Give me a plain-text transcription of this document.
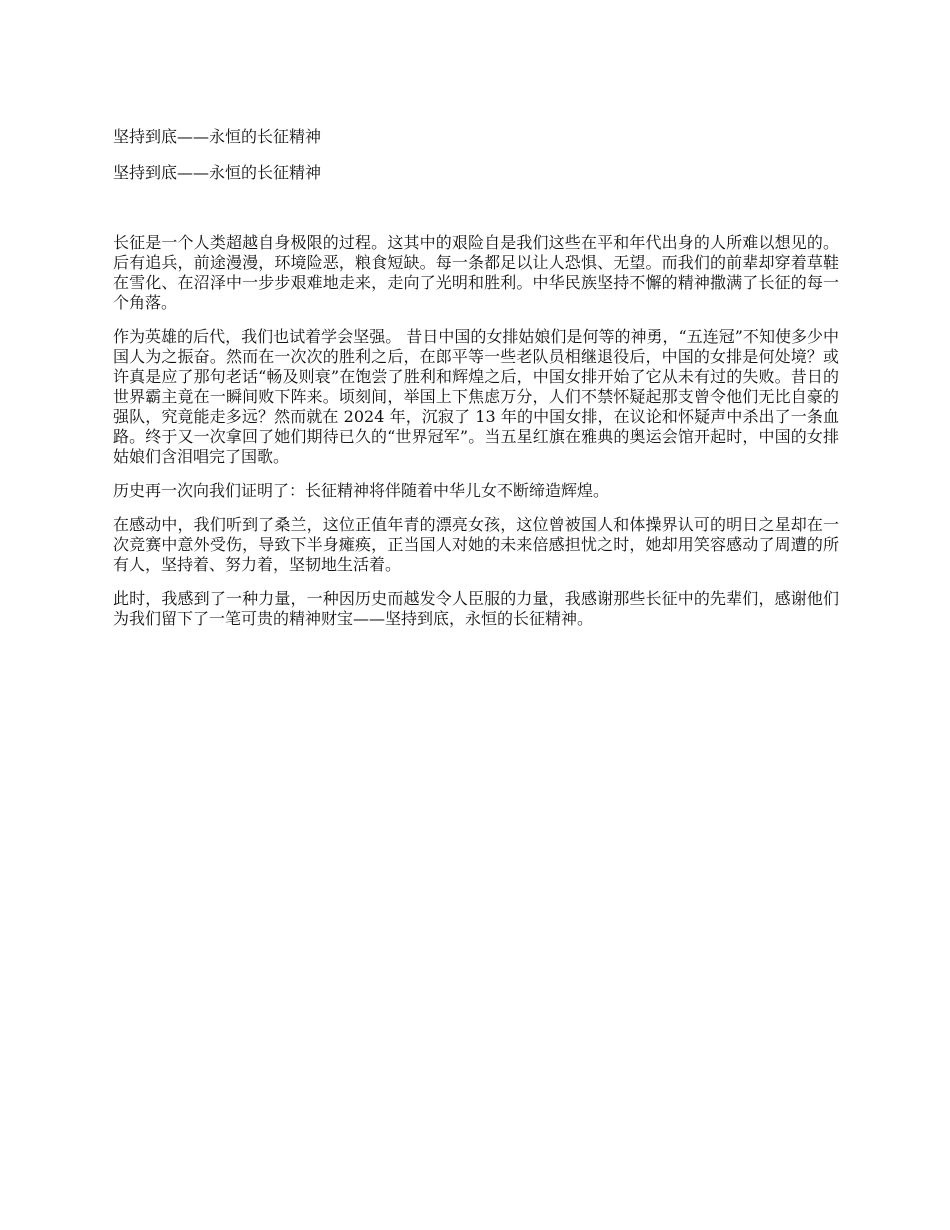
坚持到底——永恒的长征精神
坚持到底——永恒的长征精神

长征是一个人类超越自身极限的过程。这其中的艰险自是我们这些在平和年代出身的人所难以想见的。后有追兵，前途漫漫，环境险恶，粮食短缺。每一条都足以让人恐惧、无望。而我们的前辈却穿着草鞋在雪化、在沼泽中一步步艰难地走来，走向了光明和胜利。中华民族坚持不懈的精神撒满了长征的每一个角落。

作为英雄的后代，我们也试着学会坚强。 昔日中国的女排姑娘们是何等的神勇，“五连冠”不知使多少中国人为之振奋。然而在一次次的胜利之后，在郎平等一些老队员相继退役后，中国的女排是何处境？或许真是应了那句老话“畅及则衰”在饱尝了胜利和辉煌之后，中国女排开始了它从未有过的失败。昔日的世界霸主竟在一瞬间败下阵来。顷刻间，举国上下焦虑万分，人们不禁怀疑起那支曾令他们无比自豪的强队，究竟能走多远？然而就在 2024 年，沉寂了 13 年的中国女排，在议论和怀疑声中杀出了一条血路。终于又一次拿回了她们期待已久的“世界冠军”。当五星红旗在雅典的奥运会馆开起时，中国的女排姑娘们含泪唱完了国歌。

历史再一次向我们证明了：长征精神将伴随着中华儿女不断缔造辉煌。

在感动中，我们听到了桑兰，这位正值年青的漂亮女孩，这位曾被国人和体操界认可的明日之星却在一次竞赛中意外受伤，导致下半身瘫痪，正当国人对她的未来倍感担忧之时，她却用笑容感动了周遭的所有人，坚持着、努力着，坚韧地生活着。

此时，我感到了一种力量，一种因历史而越发令人臣服的力量，我感谢那些长征中的先辈们，感谢他们为我们留下了一笔可贵的精神财宝——坚持到底，永恒的长征精神。
